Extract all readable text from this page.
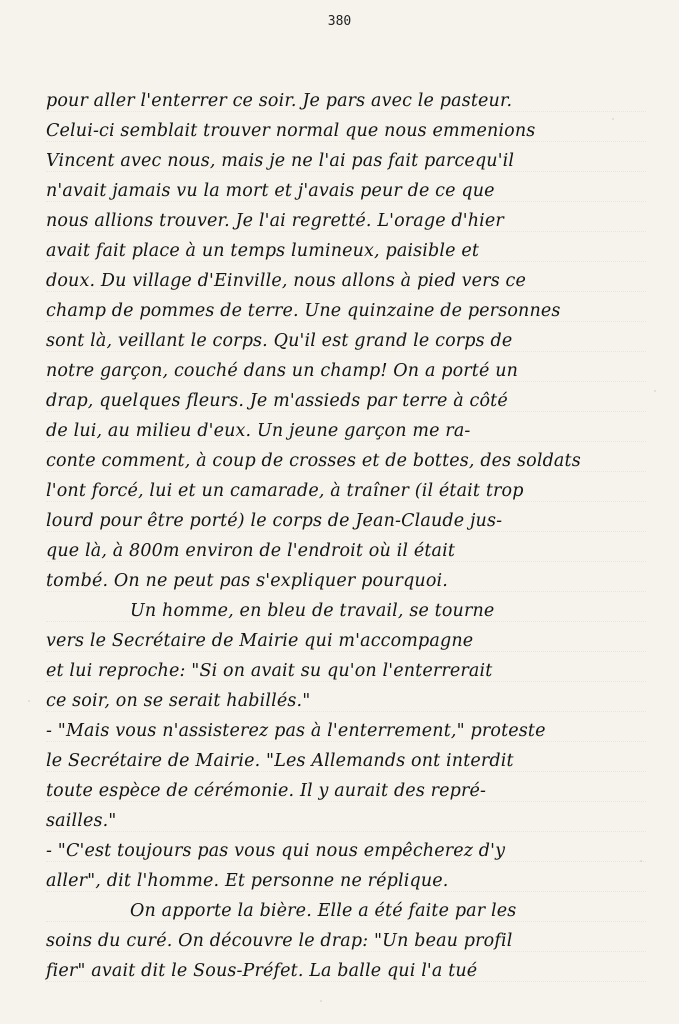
380
pour aller l'enterrer ce soir. Je pars avec le pasteur.
Celui-ci semblait trouver normal que nous emmenions
Vincent avec nous, mais je ne l'ai pas fait parcequ'il
n'avait jamais vu la mort et j'avais peur de ce que
nous allions trouver. Je l'ai regretté. L'orage d'hier
avait fait place à un temps lumineux, paisible et
doux. Du village d'Einville, nous allons à pied vers ce
champ de pommes de terre. Une quinzaine de personnes
sont là, veillant le corps. Qu'il est grand le corps de
notre garçon, couché dans un champ! On a porté un
drap, quelques fleurs. Je m'assieds par terre à côté
de lui, au milieu d'eux. Un jeune garçon me ra-
conte comment, à coup de crosses et de bottes, des soldats
l'ont forcé, lui et un camarade, à traîner (il était trop
lourd pour être porté) le corps de Jean-Claude jus-
que là, à 800m environ de l'endroit où il était
tombé. On ne peut pas s'expliquer pourquoi.
Un homme, en bleu de travail, se tourne
vers le Secrétaire de Mairie qui m'accompagne
et lui reproche: "Si on avait su qu'on l'enterrerait
ce soir, on se serait habillés."
- "Mais vous n'assisterez pas à l'enterrement," proteste
le Secrétaire de Mairie. "Les Allemands ont interdit
toute espèce de cérémonie. Il y aurait des repré-
sailles."
- "C'est toujours pas vous qui nous empêcherez d'y
aller", dit l'homme. Et personne ne réplique.
On apporte la bière. Elle a été faite par les
soins du curé. On découvre le drap: "Un beau profil
fier" avait dit le Sous-Préfet. La balle qui l'a tué
